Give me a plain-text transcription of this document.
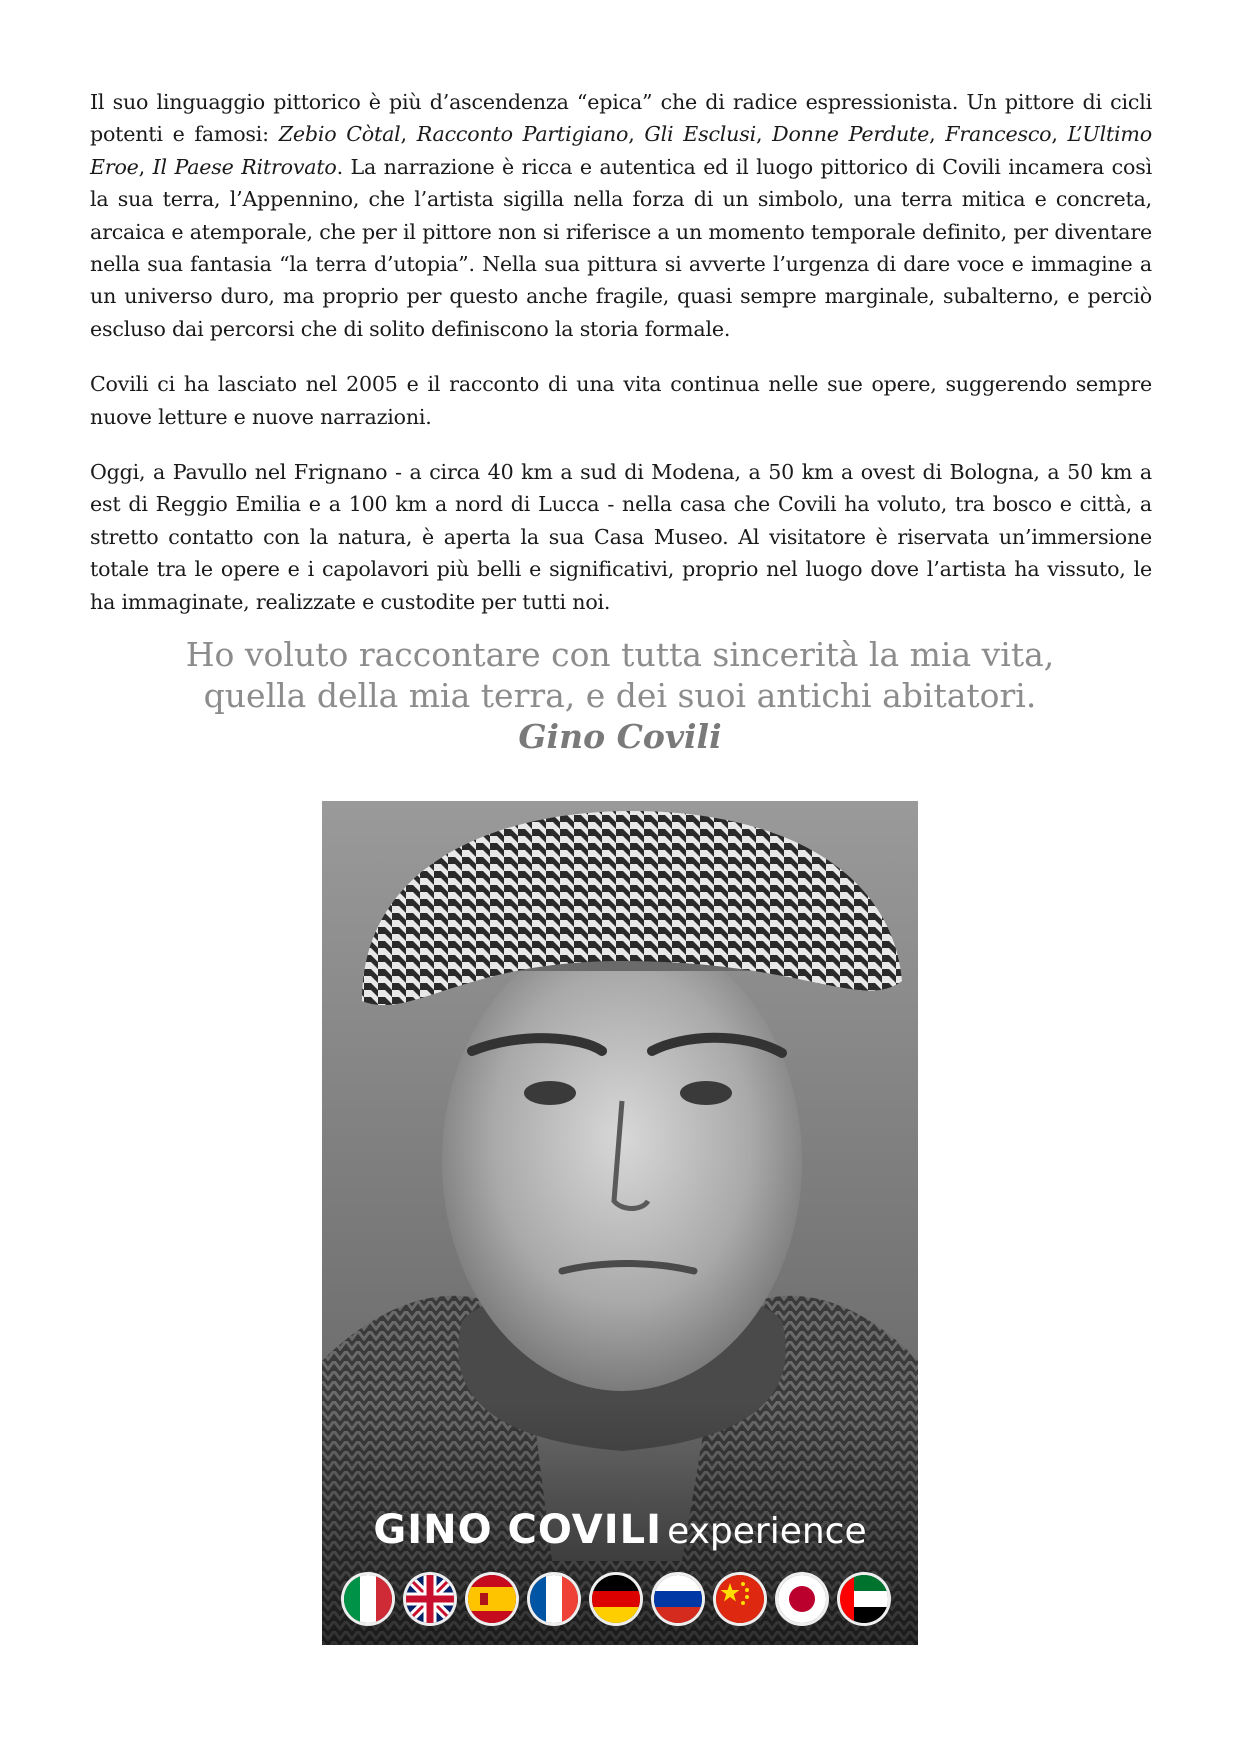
Il suo linguaggio pittorico è più d’ascendenza “epica” che di radice espressionista. Un pittore di cicli potenti e famosi: Zebio Còtal, Racconto Partigiano, Gli Esclusi, Donne Perdute, Francesco, L’Ultimo Eroe, Il Paese Ritrovato. La narrazione è ricca e autentica ed il luogo pittorico di Covili incamera così la sua terra, l’Appennino, che l’artista sigilla nella forza di un simbolo, una terra mitica e concreta, arcaica e atemporale, che per il pittore non si riferisce a un momento temporale definito, per diventare nella sua fantasia “la terra d’utopia”. Nella sua pittura si avverte l’urgenza di dare voce e immagine a un universo duro, ma proprio per questo anche fragile, quasi sempre marginale, subalterno, e perciò escluso dai percorsi che di solito definiscono la storia formale.

Covili ci ha lasciato nel 2005 e il racconto di una vita continua nelle sue opere, suggerendo sempre nuove letture e nuove narrazioni.

Oggi, a Pavullo nel Frignano - a circa 40 km a sud di Modena, a 50 km a ovest di Bologna, a 50 km a est di Reggio Emilia e a 100 km a nord di Lucca - nella casa che Covili ha voluto, tra bosco e città, a stretto contatto con la natura, è aperta la sua Casa Museo. Al visitatore è riservata un’immersione totale tra le opere e i capolavori più belli e significativi, proprio nel luogo dove l’artista ha vissuto, le ha immaginate, realizzate e custodite per tutti noi.

Ho voluto raccontare con tutta sincerità la mia vita,
quella della mia terra, e dei suoi antichi abitatori.
Gino Covili
GINO COVILI experience
